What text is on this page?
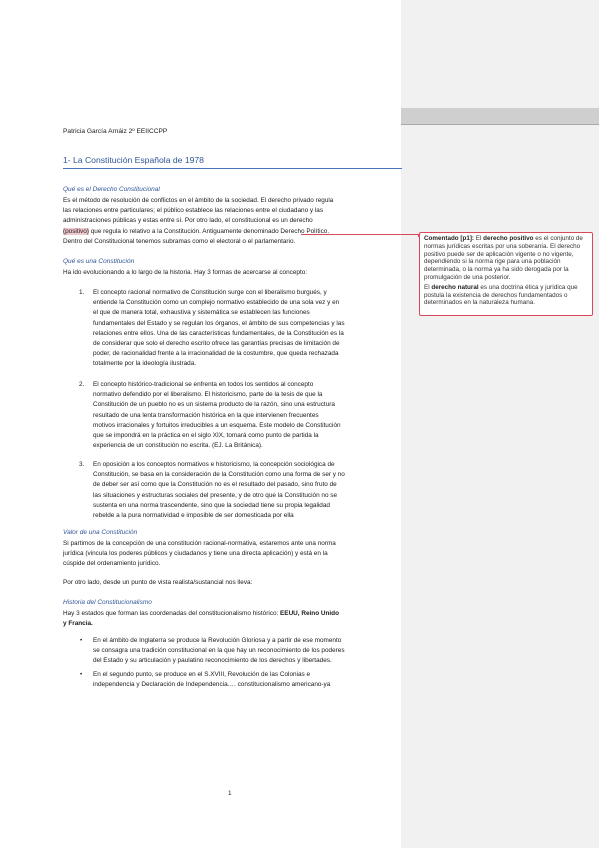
Comentado [p1]: El derecho positivo es el conjunto de normas jurídicas escritas por una soberanía. El derecho positivo puede ser de aplicación vigente o no vigente, dependiendo si la norma rige para una población determinada, o la norma ya ha sido derogada por la promulgación de una posterior.

El derecho natural es una doctrina ética y jurídica que postula la existencia de derechos fundamentados o determinados en la naturaleza humana.

Patricia García Arnáiz 2º EEIICCPP
1- La Constitución Española de 1978
Qué es el Derecho Constitucional
Es el método de resolución de conflictos en el ámbito de la sociedad. El derecho privado regula
las relaciones entre particulares; el público establece las relaciones entre el ciudadano y las
administraciones públicas y estas entre sí. Por otro lado, el constitucional es un derecho
(positivo) que regula lo relativo a la Constitución. Antiguamente denominado Derecho Político.
Dentro del Constitucional tenemos subramas como el electoral o el parlamentario.
Qué es una Constitución
Ha ido evolucionando a lo largo de la historia. Hay 3 formas de acercarse al concepto:
1. El concepto racional normativo de Constitución surge con el liberalismo burgués, y
entiende la Constitución como un complejo normativo establecido de una sola vez y en
el que de manera total, exhaustiva y sistemática se establecen las funciones
fundamentales del Estado y se regulan los órganos, el ámbito de sus competencias y las
relaciones entre ellos. Una de las características fundamentales, de la Constitución es la
de considerar que solo el derecho escrito ofrece las garantías precisas de limitación de
poder, de racionalidad frente a la irracionalidad de la costumbre, que queda rechazada
totalmente por la ideología ilustrada.
2. El concepto histórico-tradicional se enfrenta en todos los sentidos al concepto
normativo defendido por el liberalismo. El historicismo, parte de la tesis de que la
Constitución de un pueblo no es un sistema producto de la razón, sino una estructura
resultado de una lenta transformación histórica en la que intervienen frecuentes
motivos irracionales y fortuitos irreducibles a un esquema. Este modelo de Constitución
que se impondrá en la práctica en el siglo XIX, tomará como punto de partida la
experiencia de un constitución no escrita. (EJ. La Británica).
3. En oposición a los conceptos normativos e historicismo, la concepción sociológica de
Constitución, se basa en la consideración de la Constitución como una forma de ser y no
de deber ser así como que la Constitución no es el resultado del pasado, sino fruto de
las situaciones y estructuras sociales del presente, y de otro que la Constitución no se
sustenta en una norma trascendente, sino que la sociedad tiene su propia legalidad
rebelde a la pura normatividad e imposible de ser domesticada por ella
Valor de una Constitución
Si partimos de la concepción de una constitución racional-normativa, estaremos ante una norma
jurídica (vincula los poderes públicos y ciudadanos y tiene una directa aplicación) y está en la
cúspide del ordenamiento jurídico.
Por otro lado, desde un punto de vista realista/sustancial nos lleva:
Historia del Constitucionalismo
Hay 3 estados que forman las coordenadas del constitucionalismo histórico: EEUU, Reino Unido
y Francia.
• En el ámbito de Inglaterra se produce la Revolución Gloriosa y a partir de ese momento
se consagra una tradición constitucional en la que hay un reconocimiento de los poderes
del Estado y su articulación y paulatino reconocimiento de los derechos y libertades.
• En el segundo punto, se produce en el S.XVIII, Revolución de las Colonias e
independencia y Declaración de Independencia…. constitucionalismo americano-ya
1
